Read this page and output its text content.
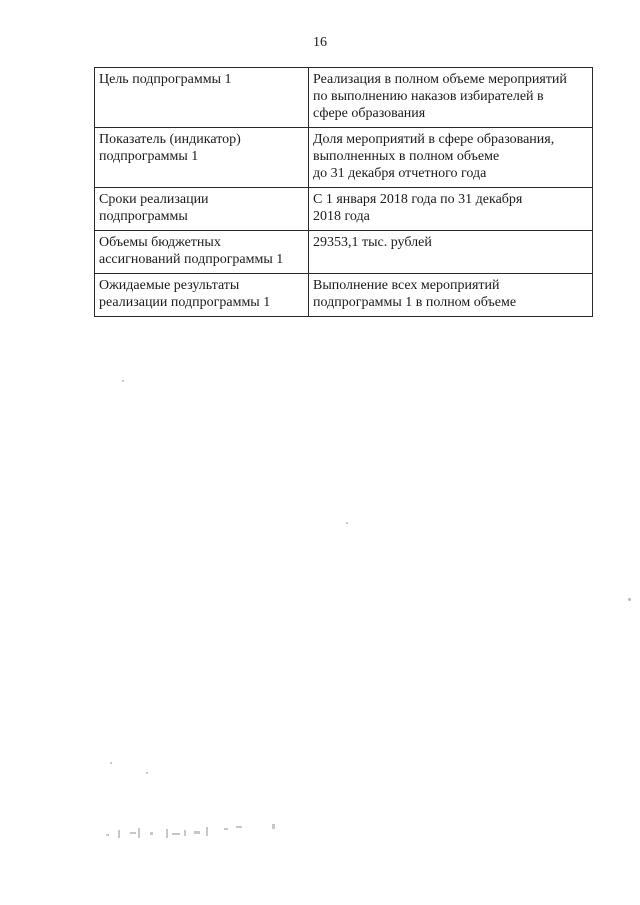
16
Цель подпрограммы 1	Реализация в полном объеме мероприятий
по выполнению наказов избирателей в
сфере образования

Показатель (индикатор)
подпрограммы 1	Доля мероприятий в сфере образования,
выполненных в полном объеме
до 31 декабря отчетного года

Сроки реализации
подпрограммы	С 1 января 2018 года по 31 декабря
2018 года

Объемы бюджетных
ассигнований подпрограммы 1	29353,1 тыс. рублей

Ожидаемые результаты
реализации подпрограммы 1	Выполнение всех мероприятий
подпрограммы 1 в полном объеме
